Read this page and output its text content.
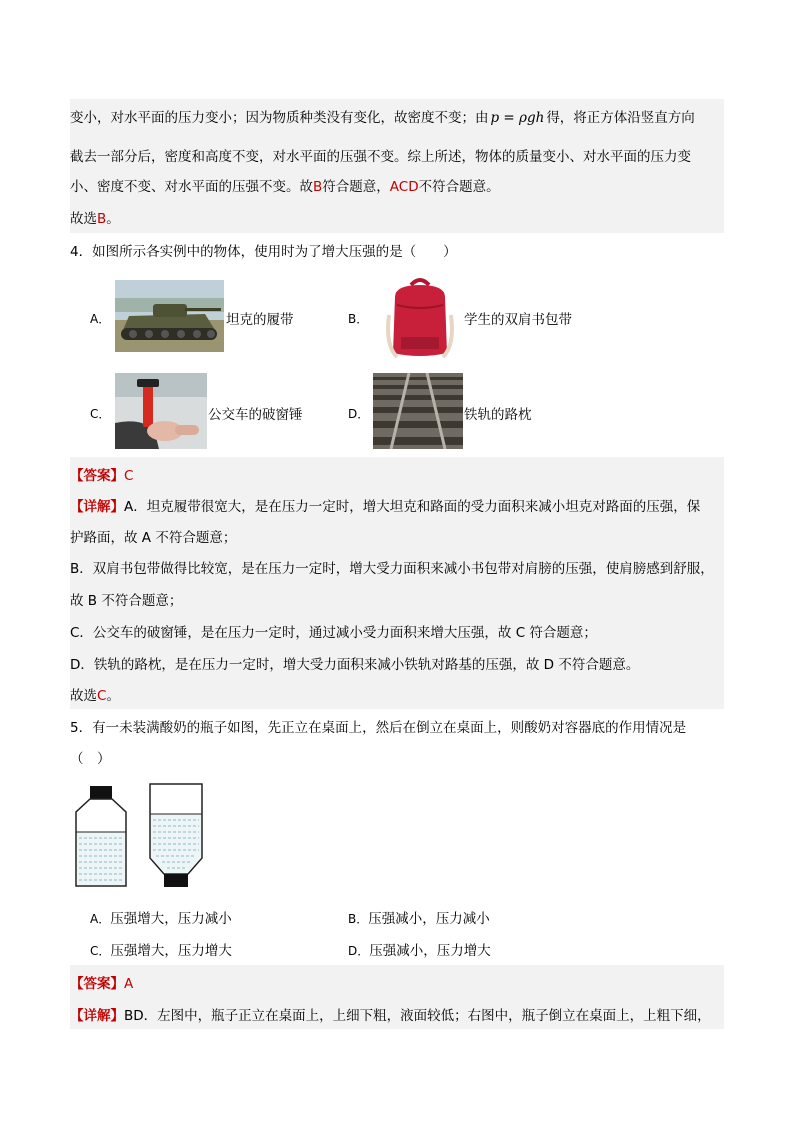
变小，对水平面的压力变小；因为物质种类没有变化，故密度不变；由 p = ρgh 得，将正方体沿竖直方向
截去一部分后，密度和高度不变，对水平面的压强不变。综上所述，物体的质量变小、对水平面的压力变
小、密度不变、对水平面的压强不变。故B符合题意，ACD不符合题意。
故选B。
4．如图所示各实例中的物体，使用时为了增大压强的是（　　）
A．	坦克的履带	B．	学生的双肩书包带
C．	公交车的破窗锤	D．	铁轨的路枕
【答案】C
【详解】A．坦克履带很宽大，是在压力一定时，增大坦克和路面的受力面积来减小坦克对路面的压强，保
护路面，故 A 不符合题意；
B．双肩书包带做得比较宽，是在压力一定时，增大受力面积来减小书包带对肩膀的压强，使肩膀感到舒服，
故 B 不符合题意；
C．公交车的破窗锤，是在压力一定时，通过减小受力面积来增大压强，故 C 符合题意；
D．铁轨的路枕，是在压力一定时，增大受力面积来减小铁轨对路基的压强，故 D 不符合题意。
故选C。
5．有一未装满酸奶的瓶子如图，先正立在桌面上，然后在倒立在桌面上，则酸奶对容器底的作用情况是
（　）
A．压强增大，压力减小	B．压强减小，压力减小
C．压强增大，压力增大	D．压强减小，压力增大
【答案】A
【详解】BD．左图中，瓶子正立在桌面上，上细下粗，液面较低；右图中，瓶子倒立在桌面上，上粗下细，
